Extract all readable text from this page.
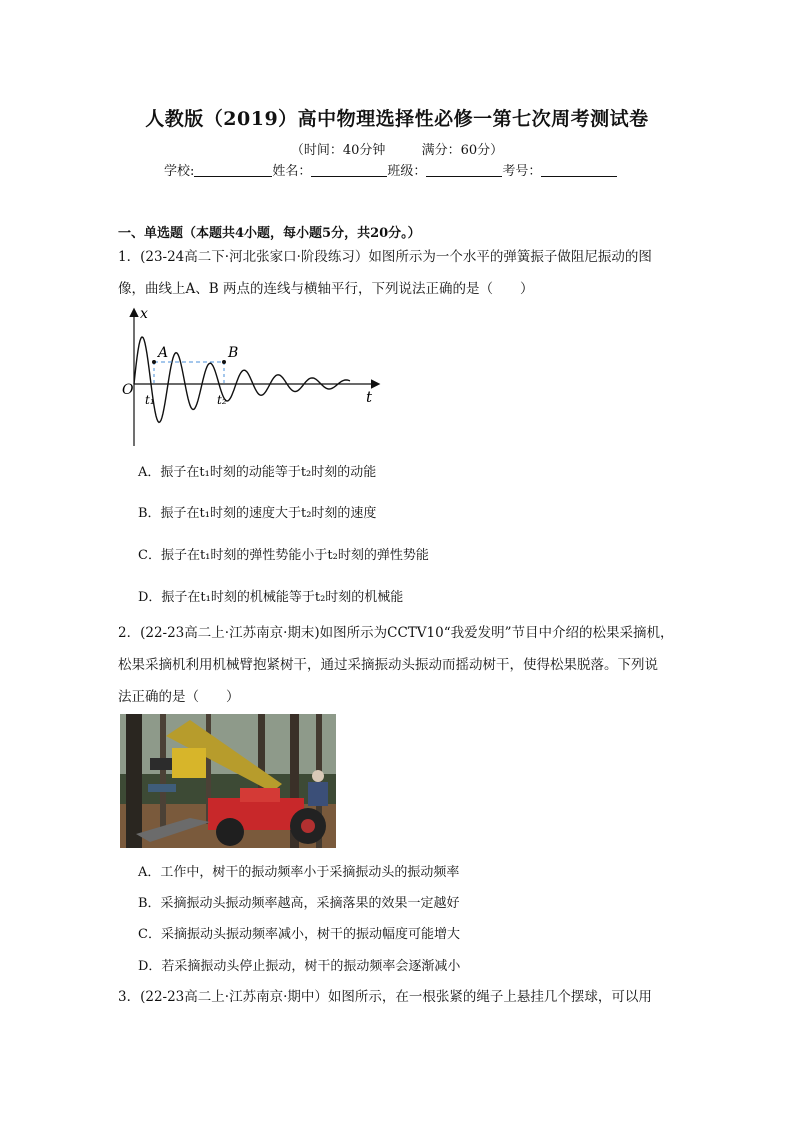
人教版（2019）高中物理选择性必修一第七次周考测试卷
（时间：40分钟	满分：60分）
学校:	姓名：	班级：	考号：
一、单选题（本题共4小题，每小题5分，共20分。）
1．(23-24高二下·河北张家口·阶段练习）如图所示为一个水平的弹簧振子做阻尼振动的图
像，曲线上A、B 两点的连线与横轴平行，下列说法正确的是（　　）
x
O
A	B
t₁	t₂	t
A．振子在t₁时刻的动能等于t₂时刻的动能
B．振子在t₁时刻的速度大于t₂时刻的速度
C．振子在t₁时刻的弹性势能小于t₂时刻的弹性势能
D．振子在t₁时刻的机械能等于t₂时刻的机械能
2．(22-23高二上·江苏南京·期末)如图所示为CCTV10“我爱发明”节目中介绍的松果采摘机，
松果采摘机利用机械臂抱紧树干，通过采摘振动头振动而摇动树干，使得松果脱落。下列说
法正确的是（　　）
A．工作中，树干的振动频率小于采摘振动头的振动频率
B．采摘振动头振动频率越高，采摘落果的效果一定越好
C．采摘振动头振动频率减小，树干的振动幅度可能增大
D．若采摘振动头停止振动，树干的振动频率会逐渐减小
3．(22-23高二上·江苏南京·期中）如图所示，在一根张紧的绳子上悬挂几个摆球，可以用
